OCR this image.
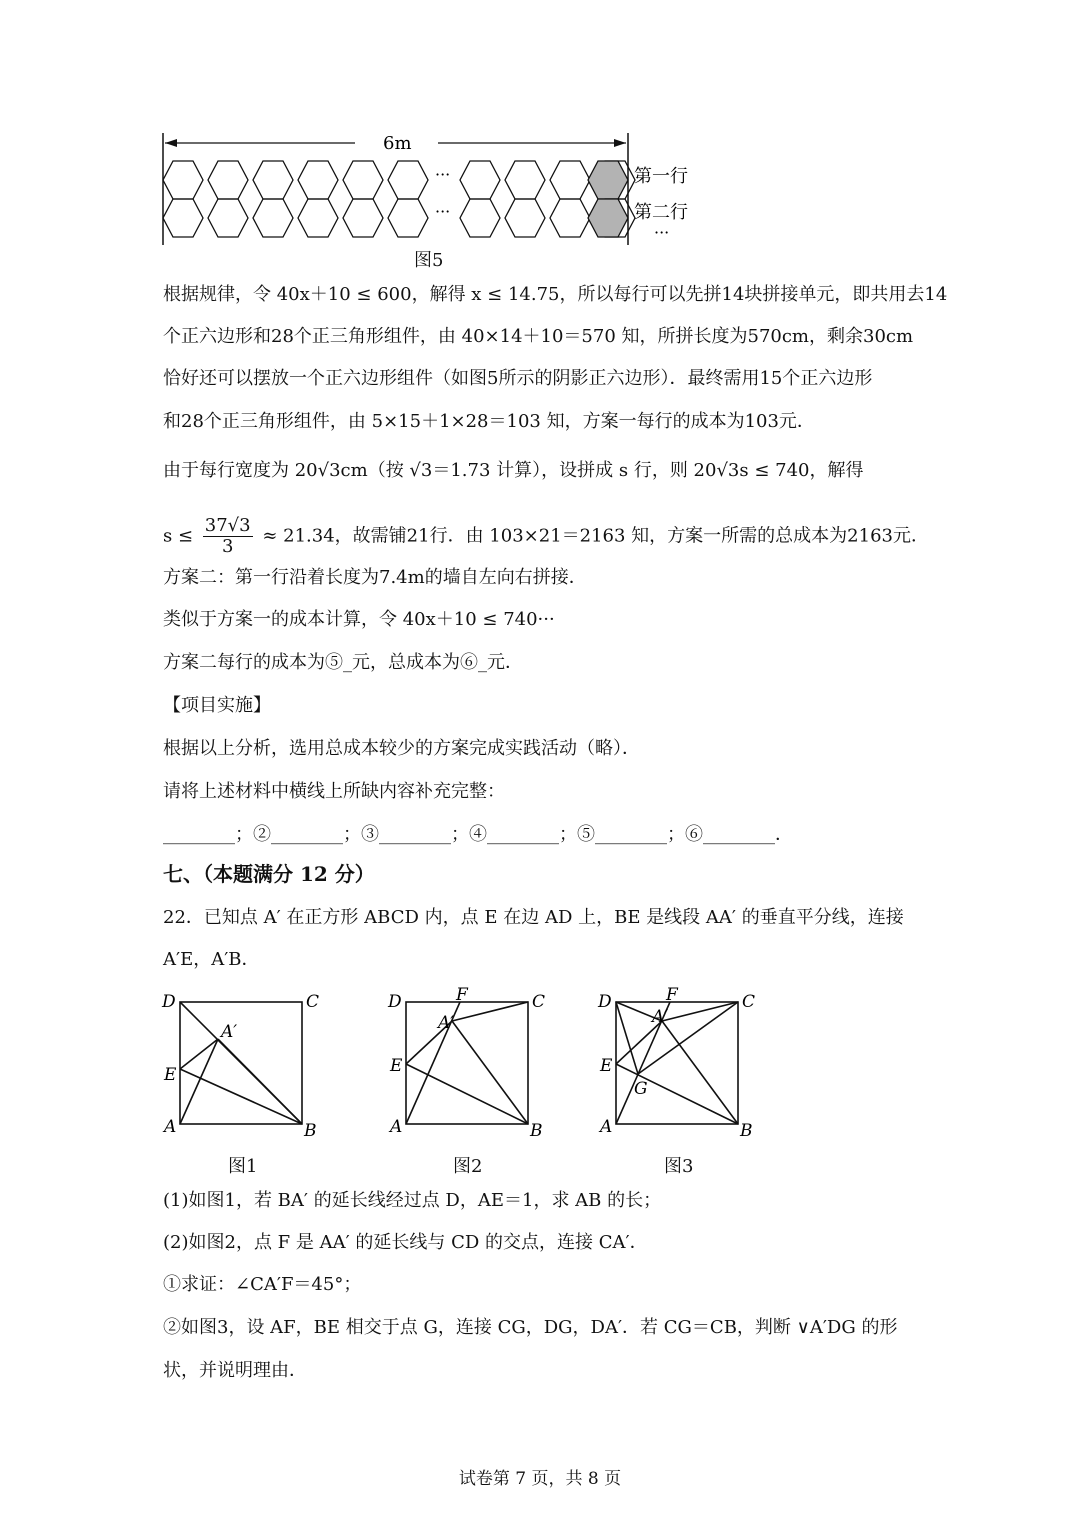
6m
···
···
第一行
第二行
···
图5
根据规律，令 40x＋10 ≤ 600，解得 x ≤ 14.75，所以每行可以先拼14块拼接单元，即共用去14
个正六边形和28个正三角形组件，由 40×14＋10＝570 知，所拼长度为570cm，剩余30cm
恰好还可以摆放一个正六边形组件（如图5所示的阴影正六边形）．最终需用15个正六边形
和28个正三角形组件，由 5×15＋1×28＝103 知，方案一每行的成本为103元．
由于每行宽度为 20√3cm（按 √3＝1.73 计算），设拼成 s 行，则 20√3s ≤ 740，解得
$s \le \frac{37√3}{3} \approx 21.34$，故需铺21行．由 103×21＝2163 知，方案一所需的总成本为2163元．
方案二：第一行沿着长度为7.4m的墙自左向右拼接．
类似于方案一的成本计算，令 40x＋10 ≤ 740···
方案二每行的成本为⑤_元，总成本为⑥_元．
【项目实施】
根据以上分析，选用总成本较少的方案完成实践活动（略）．
请将上述材料中横线上所缺内容补充完整：
________；②________；③________；④________；⑤________；⑥________．
七、（本题满分 12 分）
22．已知点 A′ 在正方形 ABCD 内，点 E 在边 AD 上，BE 是线段 AA′ 的垂直平分线，连接
A′E，A′B．
D	C
A	B
E
A′
D	C
A	B
E
F
A′
D	C
A	B
E
F
A′
G
图1	图2	图3
(1)如图1，若 BA′ 的延长线经过点 D，AE＝1，求 AB 的长；
(2)如图2，点 F 是 AA′ 的延长线与 CD 的交点，连接 CA′．
①求证：∠CA′F＝45°；
②如图3，设 AF，BE 相交于点 G，连接 CG，DG，DA′．若 CG＝CB，判断 ∨A′DG 的形
状，并说明理由．
试卷第 7 页，共 8 页
